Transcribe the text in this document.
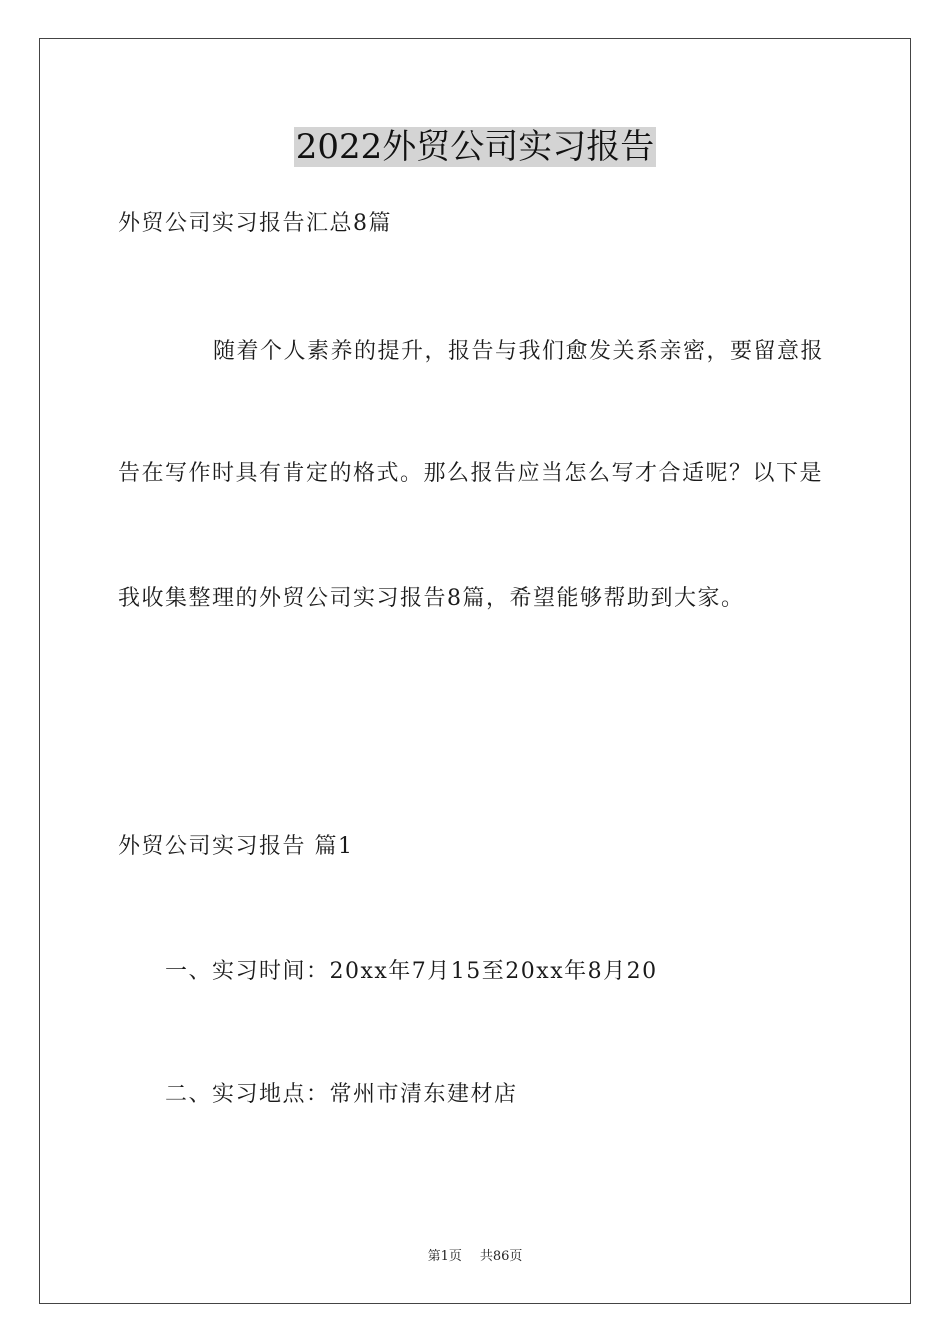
2022外贸公司实习报告
外贸公司实习报告汇总8篇
随着个人素养的提升，报告与我们愈发关系亲密，要留意报
告在写作时具有肯定的格式。那么报告应当怎么写才合适呢？以下是
我收集整理的外贸公司实习报告8篇，希望能够帮助到大家。
外贸公司实习报告 篇1
一、实习时间：20xx年7月15至20xx年8月20
二、实习地点：常州市清东建材店
第1页 共86页
